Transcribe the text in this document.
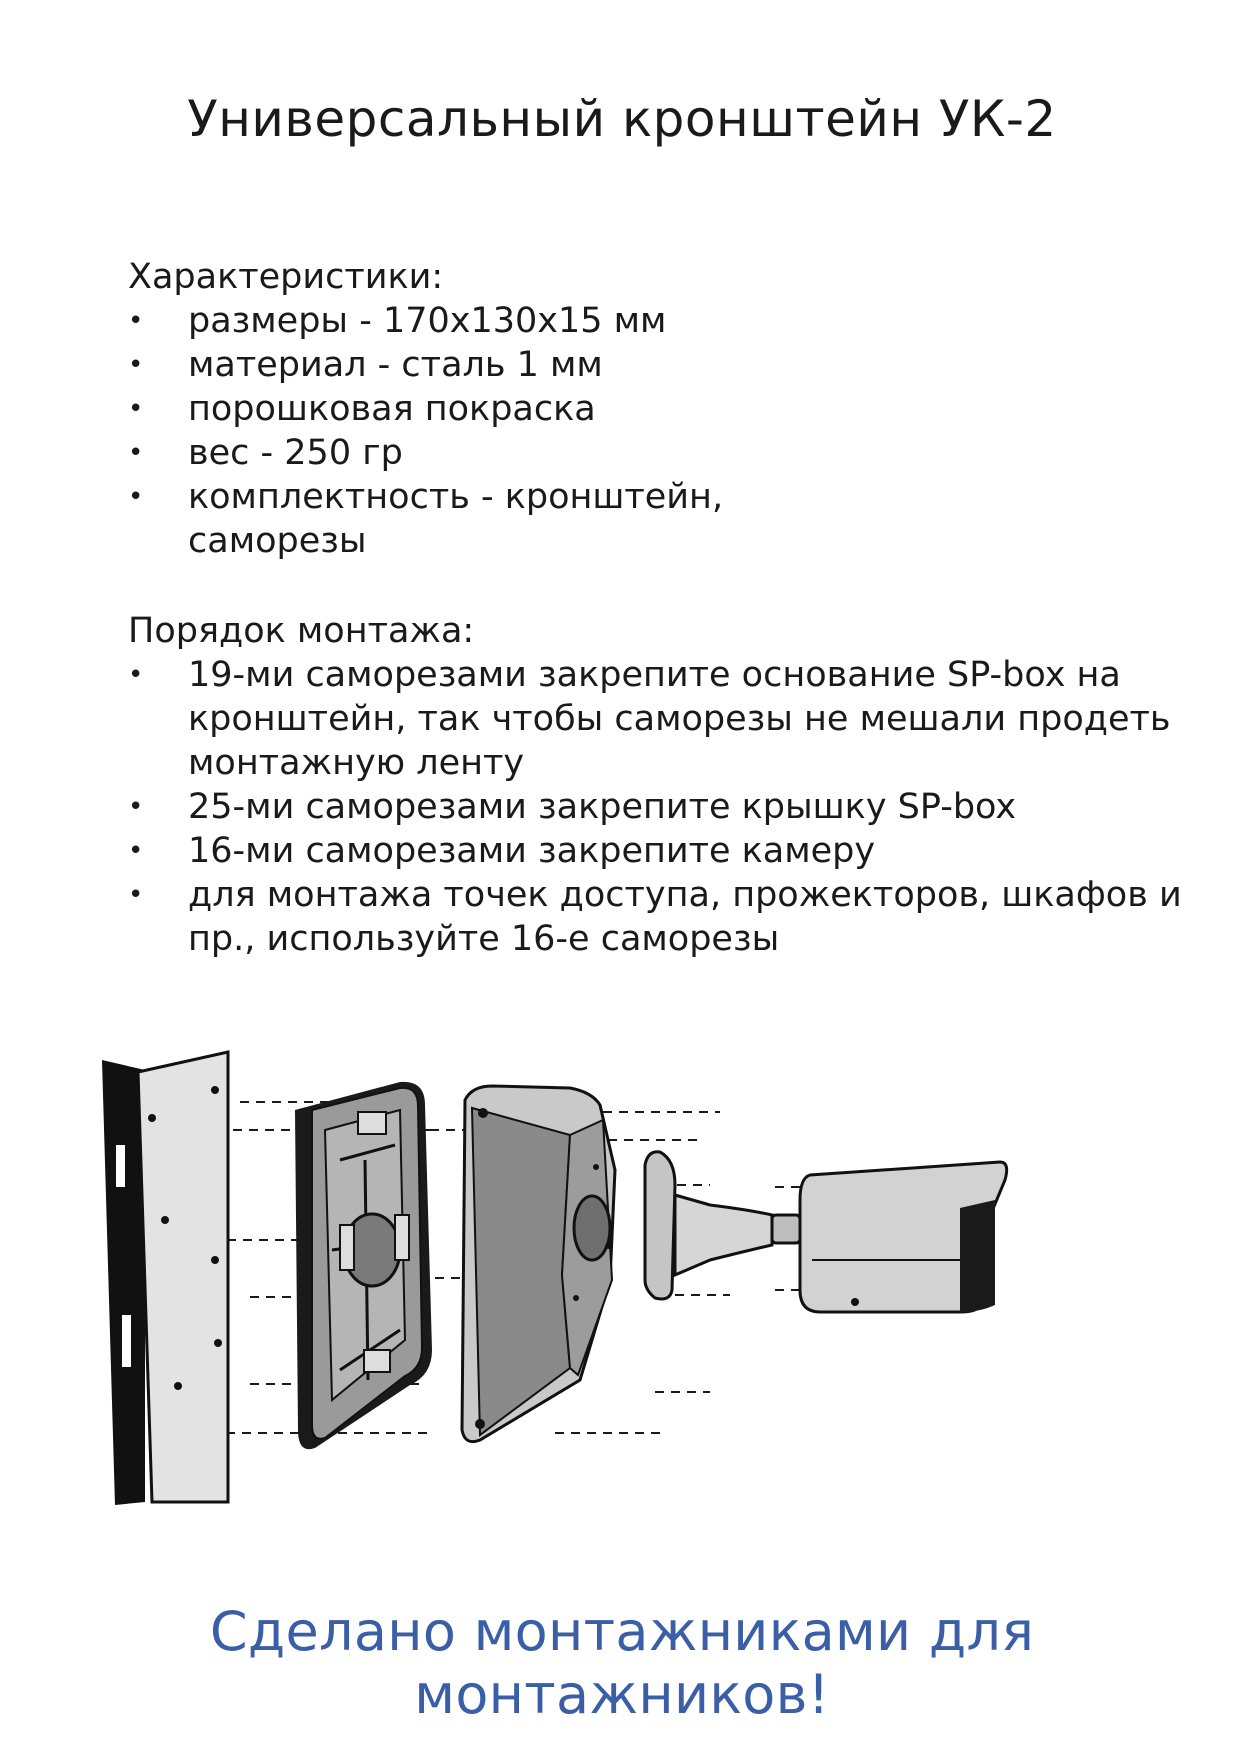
Универсальный кронштейн УК-2
Характеристики:
• размеры - 170x130x15 мм
• материал - сталь 1 мм
• порошковая покраска
• вес - 250 гр
• комплектность - кронштейн, саморезы
Порядок монтажа:
• 19-ми саморезами закрепите основание SP-box на кронштейн, так чтобы саморезы не мешали продеть монтажную ленту
• 25-ми саморезами закрепите крышку SP-box
• 16-ми саморезами закрепите камеру
• для монтажа точек доступа, прожекторов, шкафов и пр., используйте 16-е саморезы
Сделано монтажниками для монтажников!
